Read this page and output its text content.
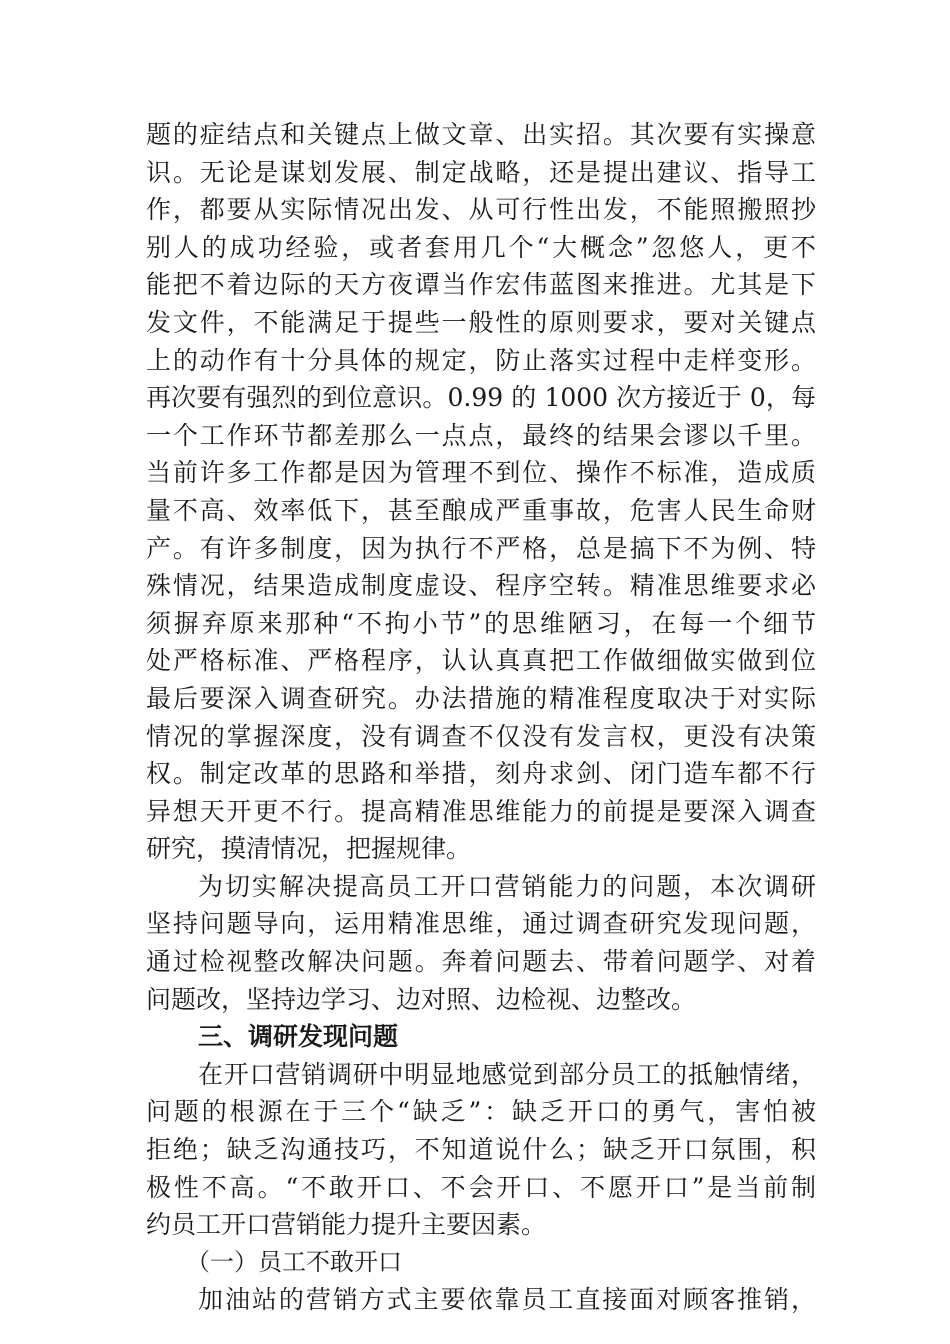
题的症结点和关键点上做文章、出实招。其次要有实操意
识。无论是谋划发展、制定战略，还是提出建议、指导工
作，都要从实际情况出发、从可行性出发，不能照搬照抄
别人的成功经验，或者套用几个“大概念”忽悠人，更不
能把不着边际的天方夜谭当作宏伟蓝图来推进。尤其是下
发文件，不能满足于提些一般性的原则要求，要对关键点
上的动作有十分具体的规定，防止落实过程中走样变形。
再次要有强烈的到位意识。0.99 的 1000 次方接近于 0，每
一个工作环节都差那么一点点，最终的结果会谬以千里。
当前许多工作都是因为管理不到位、操作不标准，造成质
量不高、效率低下，甚至酿成严重事故，危害人民生命财
产。有许多制度，因为执行不严格，总是搞下不为例、特
殊情况，结果造成制度虚设、程序空转。精准思维要求必
须摒弃原来那种“不拘小节”的思维陋习，在每一个细节
处严格标准、严格程序，认认真真把工作做细做实做到位
最后要深入调查研究。办法措施的精准程度取决于对实际
情况的掌握深度，没有调查不仅没有发言权，更没有决策
权。制定改革的思路和举措，刻舟求剑、闭门造车都不行
异想天开更不行。提高精准思维能力的前提是要深入调查
研究，摸清情况，把握规律。
为切实解决提高员工开口营销能力的问题，本次调研
坚持问题导向，运用精准思维，通过调查研究发现问题，
通过检视整改解决问题。奔着问题去、带着问题学、对着
问题改，坚持边学习、边对照、边检视、边整改。
三、调研发现问题
在开口营销调研中明显地感觉到部分员工的抵触情绪，
问题的根源在于三个“缺乏”：缺乏开口的勇气，害怕被
拒绝；缺乏沟通技巧，不知道说什么；缺乏开口氛围，积
极性不高。“不敢开口、不会开口、不愿开口”是当前制
约员工开口营销能力提升主要因素。
（一）员工不敢开口
加油站的营销方式主要依靠员工直接面对顾客推销，
